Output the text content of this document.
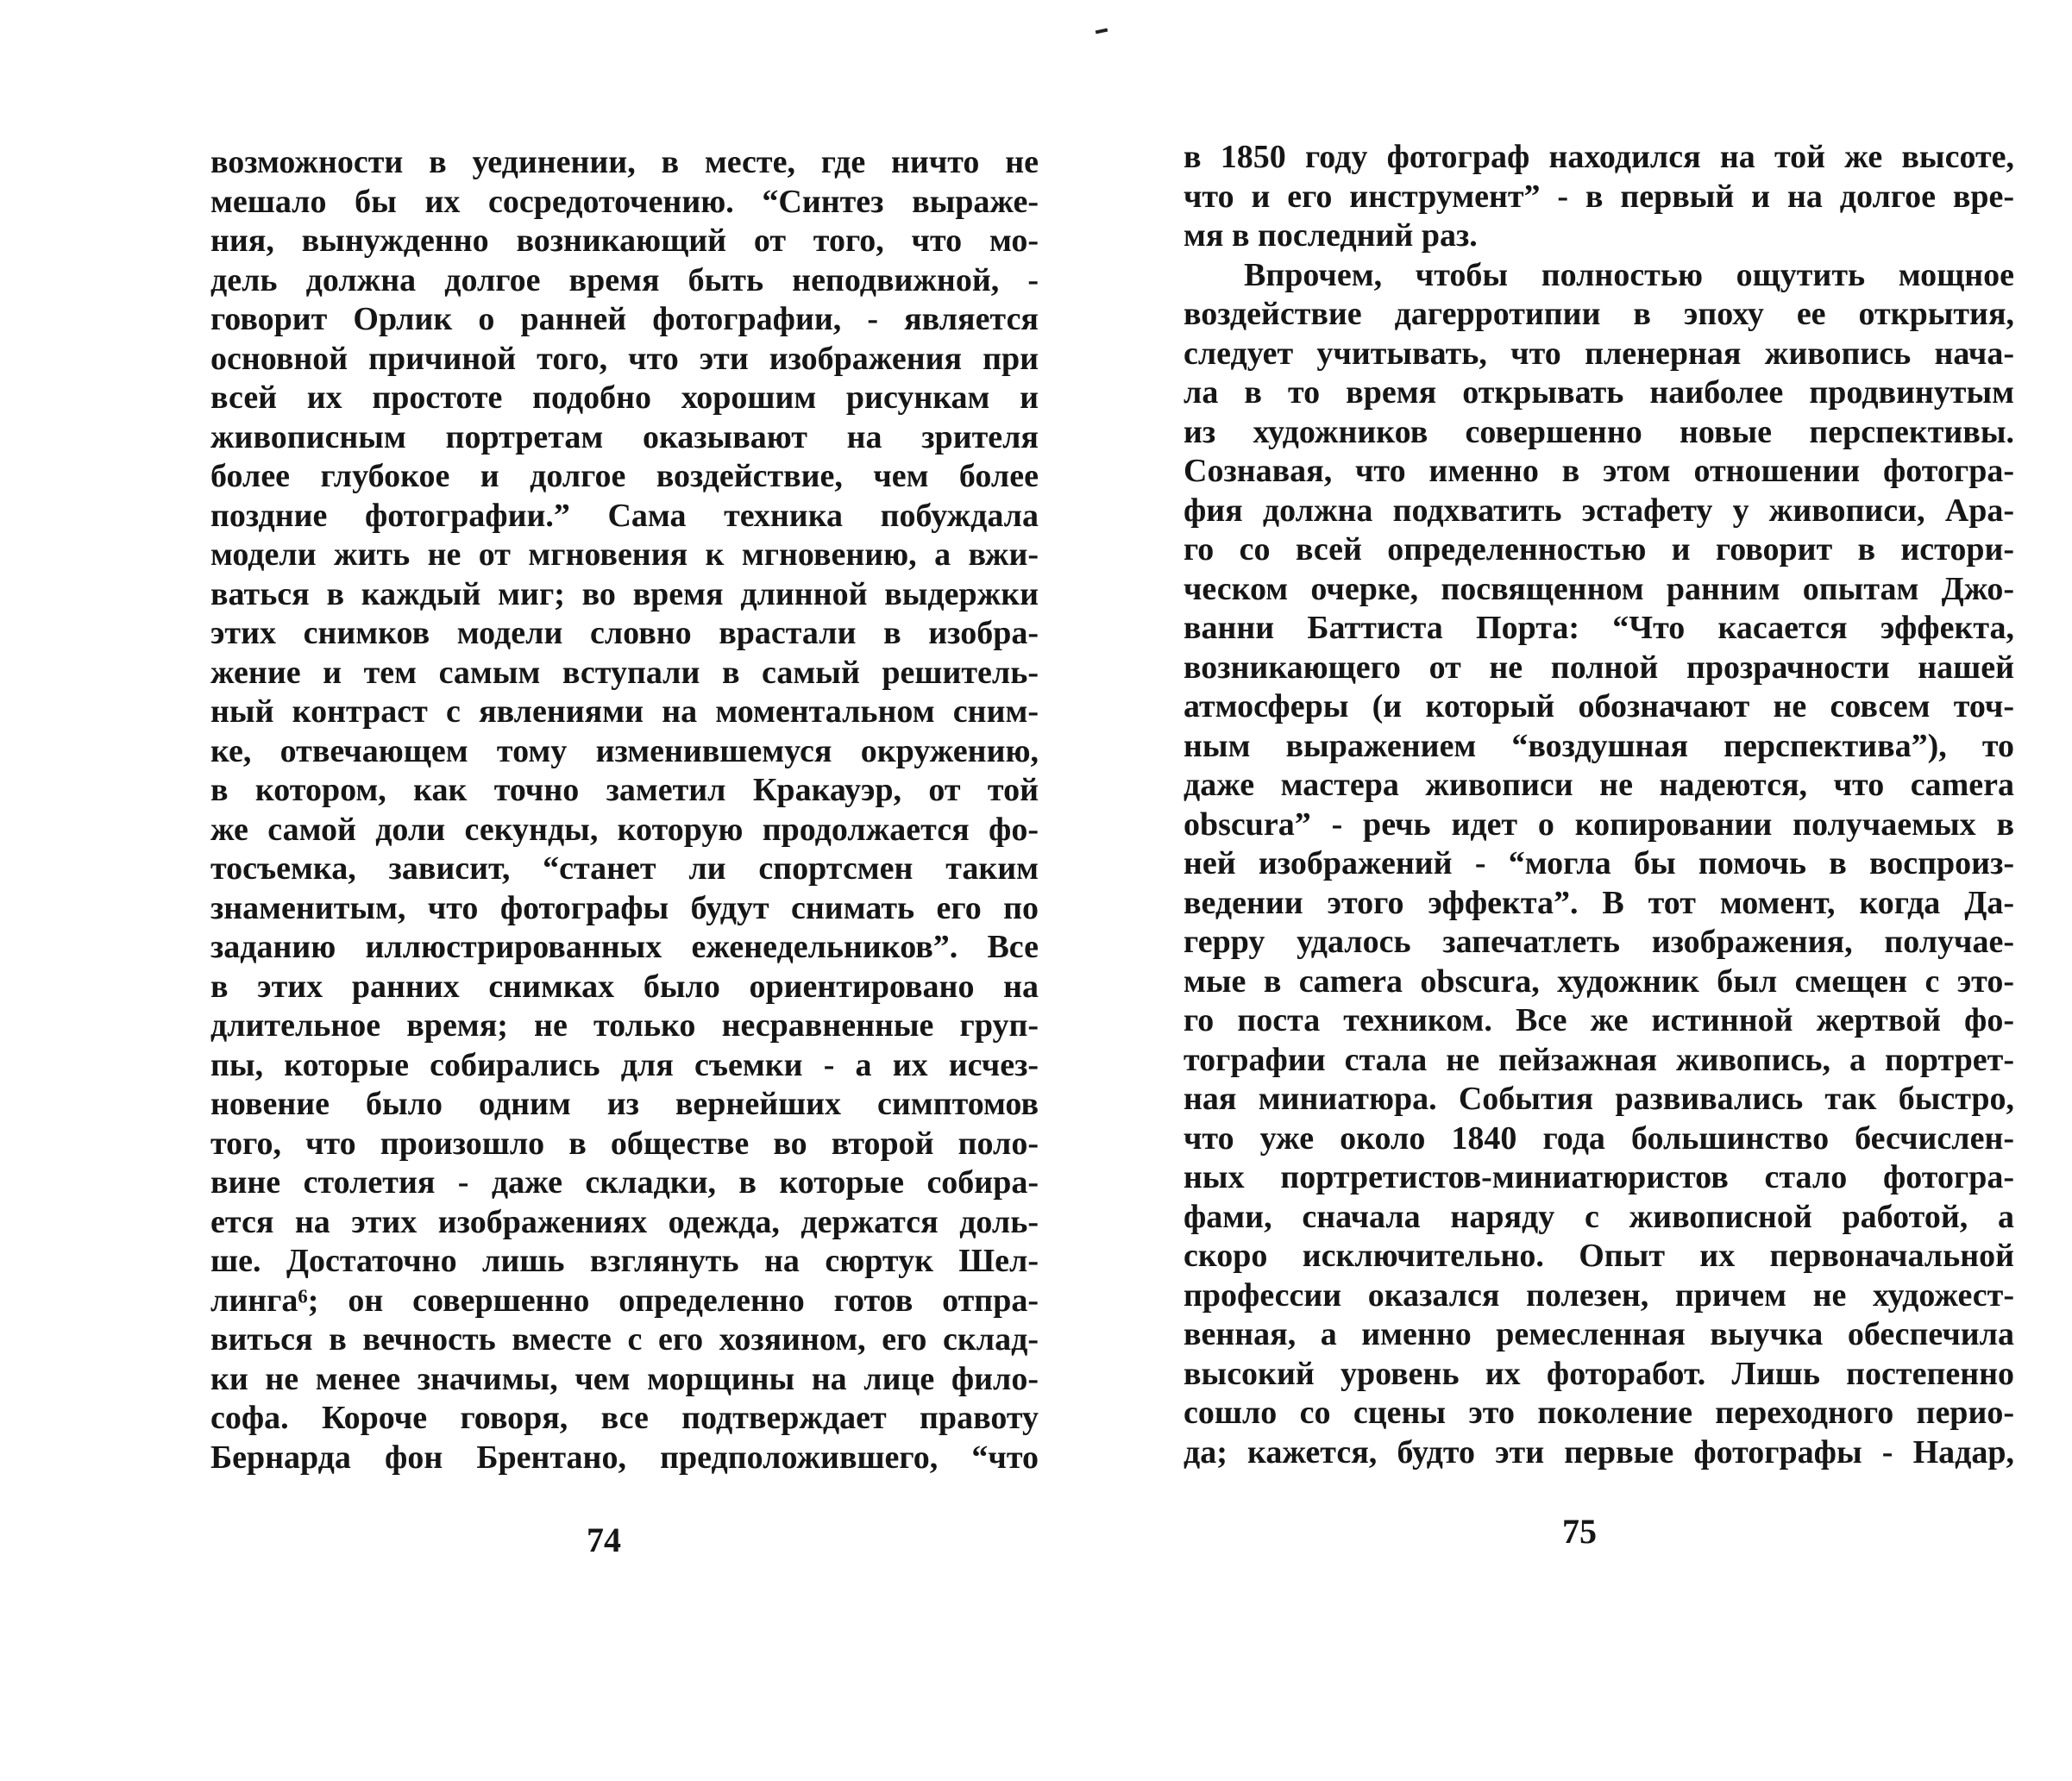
возможности в уединении, в месте, где ничто не
мешало бы их сосредоточению. “Синтез выраже-
ния, вынужденно возникающий от того, что мо-
дель должна долгое время быть неподвижной, -
говорит Орлик о ранней фотографии, - является
основной причиной того, что эти изображения при
всей их простоте подобно хорошим рисункам и
живописным портретам оказывают на зрителя
более глубокое и долгое воздействие, чем более
поздние фотографии.” Сама техника побуждала
модели жить не от мгновения к мгновению, а вжи-
ваться в каждый миг; во время длинной выдержки
этих снимков модели словно врастали в изобра-
жение и тем самым вступали в самый решитель-
ный контраст с явлениями на моментальном сним-
ке, отвечающем тому изменившемуся окружению,
в котором, как точно заметил Кракауэр, от той
же самой доли секунды, которую продолжается фо-
тосъемка, зависит, “станет ли спортсмен таким
знаменитым, что фотографы будут снимать его по
заданию иллюстрированных еженедельников”. Все
в этих ранних снимках было ориентировано на
длительное время; не только несравненные груп-
пы, которые собирались для съемки - а их исчез-
новение было одним из вернейших симптомов
того, что произошло в обществе во второй поло-
вине столетия - даже складки, в которые собира-
ется на этих изображениях одежда, держатся доль-
ше. Достаточно лишь взглянуть на сюртук Шел-
лингa⁶; он совершенно определенно готов отпра-
виться в вечность вместе с его хозяином, его склад-
ки не менее значимы, чем морщины на лице фило-
софа. Короче говоря, все подтверждает правоту
Бернарда фон Брентано, предположившего, “что
74
в 1850 году фотограф находился на той же высоте,
что и его инструмент” - в первый и на долгое вре-
мя в последний раз.
Впрочем, чтобы полностью ощутить мощное
воздействие дагерротипии в эпоху ее открытия,
следует учитывать, что пленерная живопись нача-
ла в то время открывать наиболее продвинутым
из художников совершенно новые перспективы.
Сознавая, что именно в этом отношении фотогра-
фия должна подхватить эстафету у живописи, Ара-
го со всей определенностью и говорит в истори-
ческом очерке, посвященном ранним опытам Джо-
ванни Баттиста Порта: “Что касается эффекта,
возникающего от не полной прозрачности нашей
атмосферы (и который обозначают не совсем точ-
ным выражением “воздушная перспектива”), то
даже мастера живописи не надеются, что camera
obscura” - речь идет о копировании получаемых в
ней изображений - “могла бы помочь в воспроиз-
ведении этого эффекта”. В тот момент, когда Да-
герру удалось запечатлеть изображения, получае-
мые в camera obscura, художник был смещен с это-
го поста техником. Все же истинной жертвой фо-
тографии стала не пейзажная живопись, а портрет-
ная миниатюра. События развивались так быстро,
что уже около 1840 года большинство бесчислен-
ных портретистов-миниатюристов стало фотогра-
фами, сначала наряду с живописной работой, а
скоро исключительно. Опыт их первоначальной
профессии оказался полезен, причем не художест-
венная, а именно ремесленная выучка обеспечила
высокий уровень их фоторабот. Лишь постепенно
сошло со сцены это поколение переходного перио-
да; кажется, будто эти первые фотографы - Надар,
75
